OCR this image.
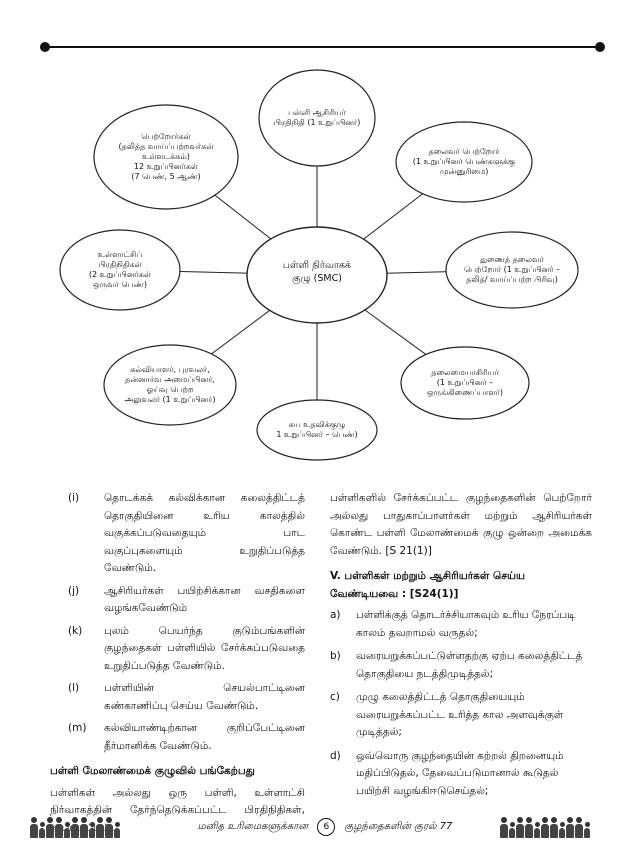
பள்ளி நிர்வாகக்
குழு (SMC)
பள்ளி ஆசிரியர்
பிரதிநிதி (1 உறுப்பினர்)
தலைவர் பெற்றோர்
(1 உறுப்பினர் பெண்களுக்கு
முன்னுரிமை)
துணைத் தலைவர்
பெற்றோர் (1 உறுப்பினர் –
தலித்/ வாய்ப்பற்ற பிரிவு)
தலைமையாசிரியர்
(1 உறுப்பினர் –
ஒருங்கிணைப்பாளர்)
சுய உதவிக்குழு
1 உறுப்பினர் – பெண்)
கல்வியாளர், புரவலர்,
தன்னார்வ அமைப்பினர்,
ஓய்வு பெற்ற
அலுவலர் (1 உறுப்பினர்)
உள்ளாட்சிப்
பிரதிநிதிகள்
(2 உறுப்பினர்கள்
ஒருவர் பெண்)
பெற்றோர்கள்
(தலித்த வாய்ப்பற்றவர்கள்
உள்ளடக்கம்)
12 உறுப்பினர்கள்
(7 பெண், 5 ஆண்)
(i) தொடக்கக் கல்விக்கான கலைத்திட்டத் தொகுதியினை உரிய காலத்தில் வகுக்கப்படுவதையும் பாட வகுப்புகளையும் உறுதிப்படுத்த வேண்டும்.
(j) ஆசிரியர்கள் பயிற்சிக்கான வசதிகளை வழங்கவேண்டும்
(k) புலம் பெயர்ந்த குடும்பங்களின் குழந்தைகள் பள்ளியில் சேர்க்கப்படுவதை உறுதிப்படுத்த வேண்டும்.
(l) பள்ளியின் செயல்பாட்டினை கண்காணிப்பு செய்ய வேண்டும்.
(m) கல்வியாண்டிற்கான குறிப்பேட்டினை தீர்மானிக்க வேண்டும்.
பள்ளி மேலாண்மைக் குழுவில் பங்கேற்பது
பள்ளிகள் அல்லது ஒரு பள்ளி, உள்ளாட்சி நிர்வாகத்தின் தேர்ந்தெடுக்கப்பட்ட பிரதிநிதிகள்,
பள்ளிகளில் சேர்க்கப்பட்ட குழந்தைகளின் பெற்றோர் அல்லது பாதுகாப்பாளர்கள் மற்றும் ஆசிரியர்கள் கொண்ட பள்ளி மேலாண்மைக் குழு ஒன்றை அமைக்க வேண்டும். [S 21(1)]
V. பள்ளிகள் மற்றும் ஆசிரியர்கள் செய்ய வேண்டியவை : [S24(1)]
a) பள்ளிக்குத் தொடர்ச்சியாகவும் உரிய நேரப்படி காலம் தவறாமல் வருதல்;
b) வரையறுக்கப்பட்டுள்ளதற்கு ஏற்ப கலைத்திட்டத் தொகுதியை நடத்திமுடித்தல்;
c) முழு கலைத்திட்டத் தொகுதியையும் வரையறுக்கப்பட்ட உரித்த கால அளவுக்குள் முடித்தல்;
d) ஒவ்வொரு குழந்தையின் கற்றல் திறனையும் மதிப்பிடுதல், தேவைப்படுமானால் கூடுதல் பயிற்சி வழங்கிஈடுசெய்தல்;
மனித உரிமைகளுக்கான 6 குழந்தைகளின் குரல் 77
